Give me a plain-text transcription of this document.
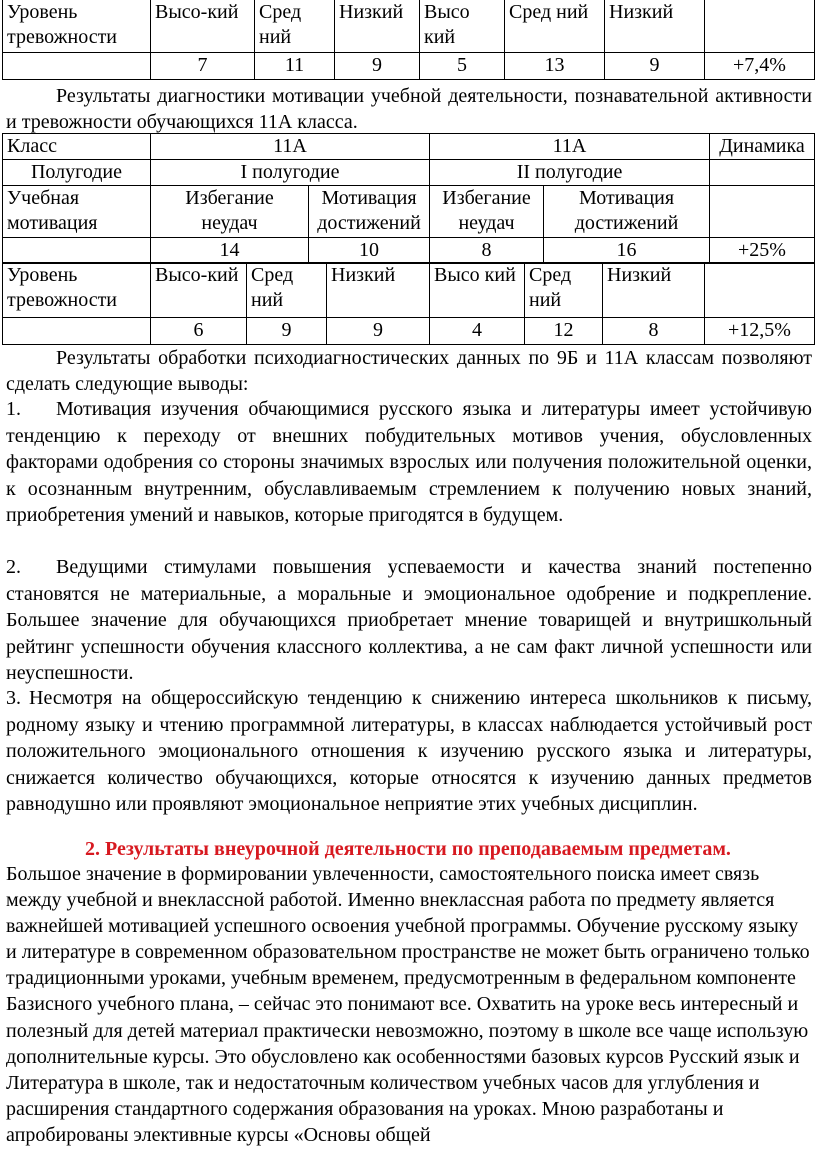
Уровень тревожности	Высо-кий	Сред ний	Низкий	Высо кий	Сред ний	Низкий	
	7	11	9	5	13	9	+7,4%

Результаты диагностики мотивации учебной деятельности, познавательной активности и тревожности обучающихся 11А класса.

Класс	11А		11А		Динамика
Полугодие	I полугодие		II полугодие		
Учебная мотивация	Избегание неудач	Мотивация достижений	Избегание неудач	Мотивация достижений	
	14	10	8	16	+25%
Уровень тревожности	Высо-кий	Сред ний	Низкий	Высо кий	Сред ний	Низкий	
	6	9	9	4	12	8	+12,5%

Результаты обработки психодиагностических данных по 9Б и 11А классам позволяют сделать следующие выводы:

1. Мотивация изучения обчающимися русского языка и литературы имеет устойчивую тенденцию к переходу от внешних побудительных мотивов учения, обусловленных факторами одобрения со стороны значимых взрослых или получения положительной оценки, к осознанным внутренним, обуславливаемым стремлением к получению новых знаний, приобретения умений и навыков, которые пригодятся в будущем.

2. Ведущими стимулами повышения успеваемости и качества знаний постепенно становятся не материальные, а моральные и эмоциональное одобрение и подкрепление. Большее значение для обучающихся приобретает мнение товарищей и внутришкольный рейтинг успешности обучения классного коллектива, а не сам факт личной успешности или неуспешности.

3. Несмотря на общероссийскую тенденцию к снижению интереса школьников к письму, родному языку и чтению программной литературы, в классах наблюдается устойчивый рост положительного эмоционального отношения к изучению русского языка и литературы, снижается количество обучающихся, которые относятся к изучению данных предметов равнодушно или проявляют эмоциональное неприятие этих учебных дисциплин.

2. Результаты внеурочной деятельности по преподаваемым предметам.

Большое значение в формировании увлеченности, самостоятельного поиска имеет связь между учебной и внеклассной работой. Именно внеклассная работа по предмету является важнейшей мотивацией успешного освоения учебной программы. Обучение русскому языку и литературе в современном образовательном пространстве не может быть ограничено только традиционными уроками, учебным временем, предусмотренным в федеральном компоненте Базисного учебного плана, – сейчас это понимают все. Охватить на уроке весь интересный и полезный для детей материал практически невозможно, поэтому в школе все чаще использую дополнительные курсы. Это обусловлено как особенностями базовых курсов Русский язык и Литература в школе, так и недостаточным количеством учебных часов для углубления и расширения стандартного содержания образования на уроках. Мною разработаны и апробированы элективные курсы «Основы общей
